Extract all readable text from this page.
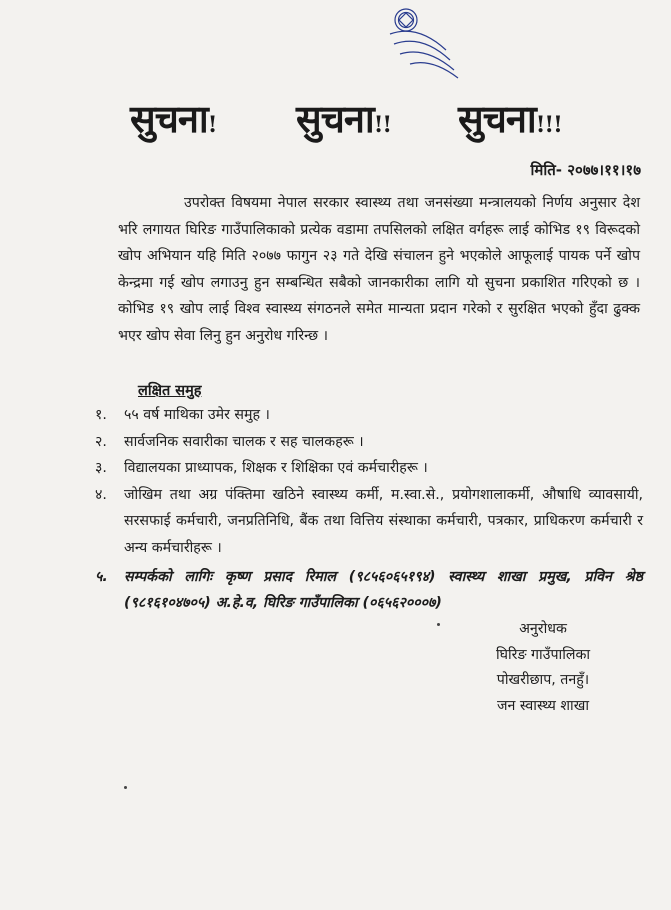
सुचना! सुचना!! सुचना!!!
मिति- २०७७।११।१७

उपरोक्त विषयमा नेपाल सरकार स्वास्थ्य तथा जनसंख्या मन्त्रालयको निर्णय अनुसार देश भरि लगायत घिरिङ गाउँपालिकाको प्रत्येक वडामा तपसिलको लक्षित वर्गहरू लाई कोभिड १९ विरूदको खोप अभियान यहि मिति २०७७ फागुन २३ गते देखि संचालन हुने भएकोले आफूलाई पायक पर्ने खोप केन्द्रमा गई खोप लगाउनु हुन सम्बन्धित सबैको जानकारीका लागि यो सुचना प्रकाशित गरिएको छ । कोभिड १९ खोप लाई विश्व स्वास्थ्य संगठनले समेत मान्यता प्रदान गरेको र सुरक्षित भएको हुँदा ढुक्क भएर खोप सेवा लिनु हुन अनुरोध गरिन्छ ।

लक्षित समुह
१. ५५ वर्ष माथिका उमेर समुह ।
२. सार्वजनिक सवारीका चालक र सह चालकहरू ।
३. विद्यालयका प्राध्यापक, शिक्षक र शिक्षिका एवं कर्मचारीहरू ।
४. जोखिम तथा अग्र पंक्तिमा खठिने स्वास्थ्य कर्मी, म.स्वा.से., प्रयोगशालाकर्मी, औषाधि व्यावसायी, सरसफाई कर्मचारी, जनप्रतिनिधि, बैंक तथा वित्तिय संस्थाका कर्मचारी, पत्रकार, प्राधिकरण कर्मचारी र अन्य कर्मचारीहरू ।
५. सम्पर्कको लागिः कृष्ण प्रसाद रिमाल (९८५६०६५१९४) स्वास्थ्य शाखा प्रमुख, प्रविन श्रेष्ठ (९८१६१०४७०५) अ.हे.व, घिरिङ गाउँपालिका (०६५६२०००७)
अनुरोधक
घिरिङ गाउँपालिका
पोखरीछाप, तनहुँ।
जन स्वास्थ्य शाखा
